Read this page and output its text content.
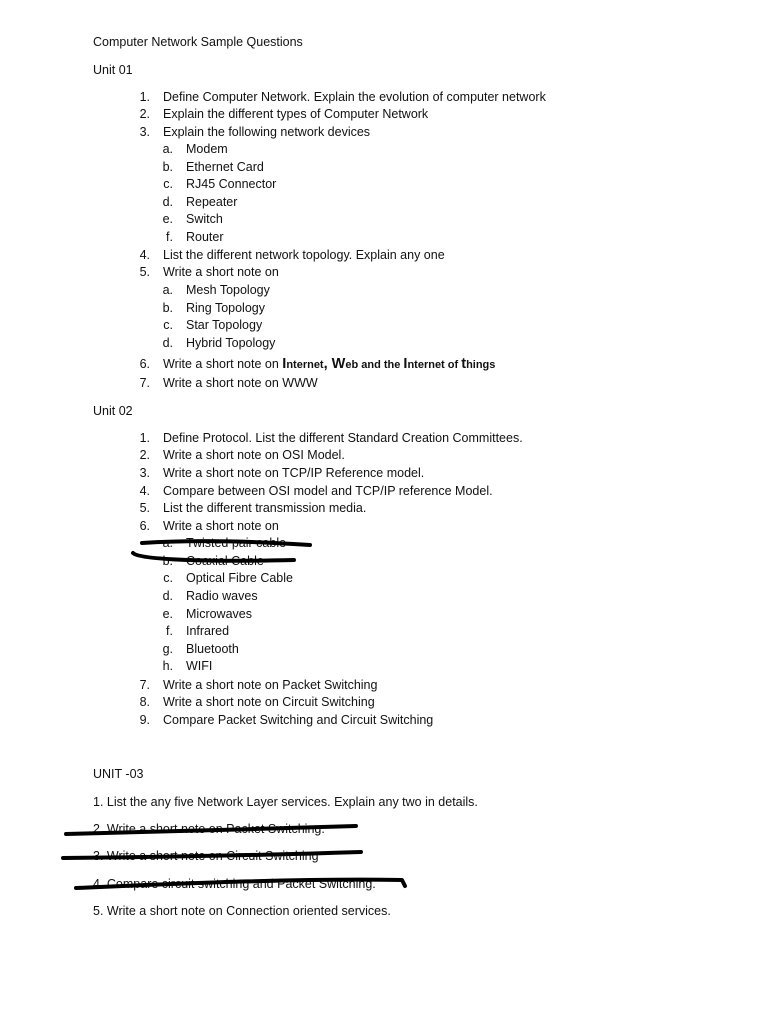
Computer Network Sample Questions
Unit 01
1. Define Computer Network. Explain the evolution of computer network
2. Explain the different types of Computer Network
3. Explain the following network devices
a. Modem
b. Ethernet Card
c. RJ45 Connector
d. Repeater
e. Switch
f. Router
4. List the different network topology. Explain any one
5. Write a short note on
a. Mesh Topology
b. Ring Topology
c. Star Topology
d. Hybrid Topology
6. Write a short note on Internet, Web and the Internet of things
7. Write a short note on WWW
Unit 02
1. Define Protocol. List the different Standard Creation Committees.
2. Write a short note on OSI Model.
3. Write a short note on TCP/IP Reference model.
4. Compare between OSI model and TCP/IP reference Model.
5. List the different transmission media.
6. Write a short note on
a. Twisted pair cable
b. Coaxial Cable
c. Optical Fibre Cable
d. Radio waves
e. Microwaves
f. Infrared
g. Bluetooth
h. WIFI
7. Write a short note on Packet Switching
8. Write a short note on Circuit Switching
9. Compare Packet Switching and Circuit Switching
UNIT -03
1. List the any five Network Layer services. Explain any two in details.
2. Write a short note on Packet Switching.
3. Write a short note on Circuit Switching
4. Compare circuit switching and Packet Switching.
5. Write a short note on Connection oriented services.
